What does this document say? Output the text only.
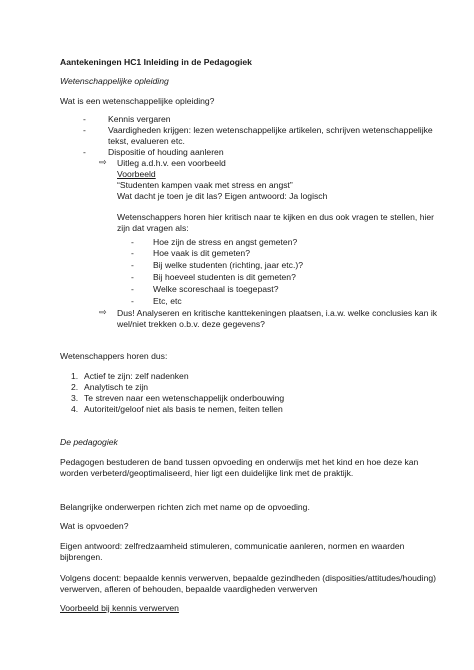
Aantekeningen HC1 Inleiding in de Pedagogiek
Wetenschappelijke opleiding
Wat is een wetenschappelijke opleiding?
-	Kennis vergaren
-	Vaardigheden krijgen: lezen wetenschappelijke artikelen, schrijven wetenschappelijke
tekst, evalueren etc.
-	Dispositie of houding aanleren
⇨ Uitleg a.d.h.v. een voorbeeld
Voorbeeld
“Studenten kampen vaak met stress en angst”
Wat dacht je toen je dit las? Eigen antwoord: Ja logisch
Wetenschappers horen hier kritisch naar te kijken en dus ook vragen te stellen, hier
zijn dat vragen als:
- Hoe zijn de stress en angst gemeten?
- Hoe vaak is dit gemeten?
- Bij welke studenten (richting, jaar etc.)?
- Bij hoeveel studenten is dit gemeten?
- Welke scoreschaal is toegepast?
- Etc, etc
⇨ Dus! Analyseren en kritische kanttekeningen plaatsen, i.a.w. welke conclusies kan ik
wel/niet trekken o.b.v. deze gegevens?
Wetenschappers horen dus:
1. Actief te zijn: zelf nadenken
2. Analytisch te zijn
3. Te streven naar een wetenschappelijk onderbouwing
4. Autoriteit/geloof niet als basis te nemen, feiten tellen
De pedagogiek
Pedagogen bestuderen de band tussen opvoeding en onderwijs met het kind en hoe deze kan
worden verbeterd/geoptimaliseerd, hier ligt een duidelijke link met de praktijk.
Belangrijke onderwerpen richten zich met name op de opvoeding.
Wat is opvoeden?
Eigen antwoord: zelfredzaamheid stimuleren, communicatie aanleren, normen en waarden
bijbrengen.
Volgens docent: bepaalde kennis verwerven, bepaalde gezindheden (disposities/attitudes/houding)
verwerven, afleren of behouden, bepaalde vaardigheden verwerven
Voorbeeld bij kennis verwerven
